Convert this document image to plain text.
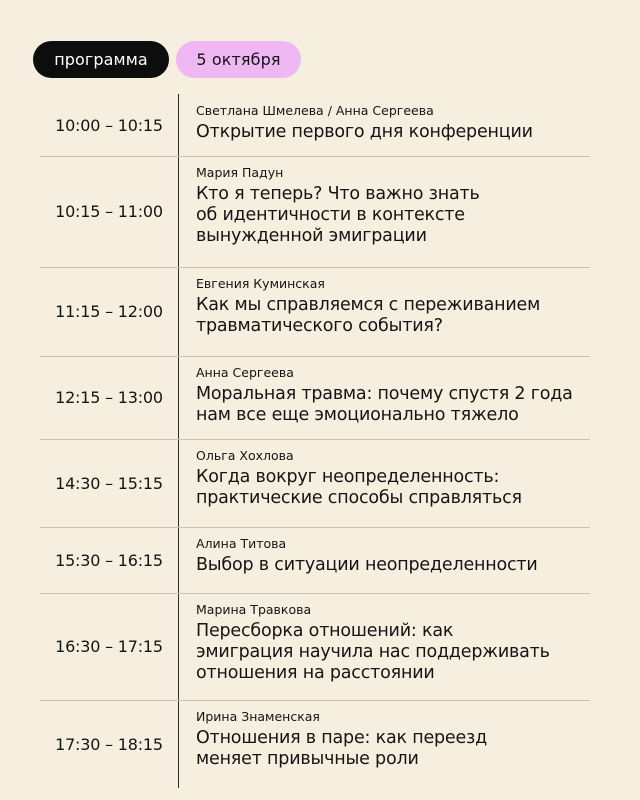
программа	5 октября
10:00 – 10:15
Светлана Шмелева / Анна Сергеева
Открытие первого дня конференции
10:15 – 11:00
Мария Падун
Кто я теперь? Что важно знать
об идентичности в контексте
вынужденной эмиграции
11:15 – 12:00
Евгения Куминская
Как мы справляемся с переживанием
травматического события?
12:15 – 13:00
Анна Сергеева
Моральная травма: почему спустя 2 года
нам все еще эмоционально тяжело
14:30 – 15:15
Ольга Хохлова
Когда вокруг неопределенность:
практические способы справляться
15:30 – 16:15
Алина Титова
Выбор в ситуации неопределенности
16:30 – 17:15
Марина Травкова
Пересборка отношений: как
эмиграция научила нас поддерживать
отношения на расстоянии
17:30 – 18:15
Ирина Знаменская
Отношения в паре: как переезд
меняет привычные роли
